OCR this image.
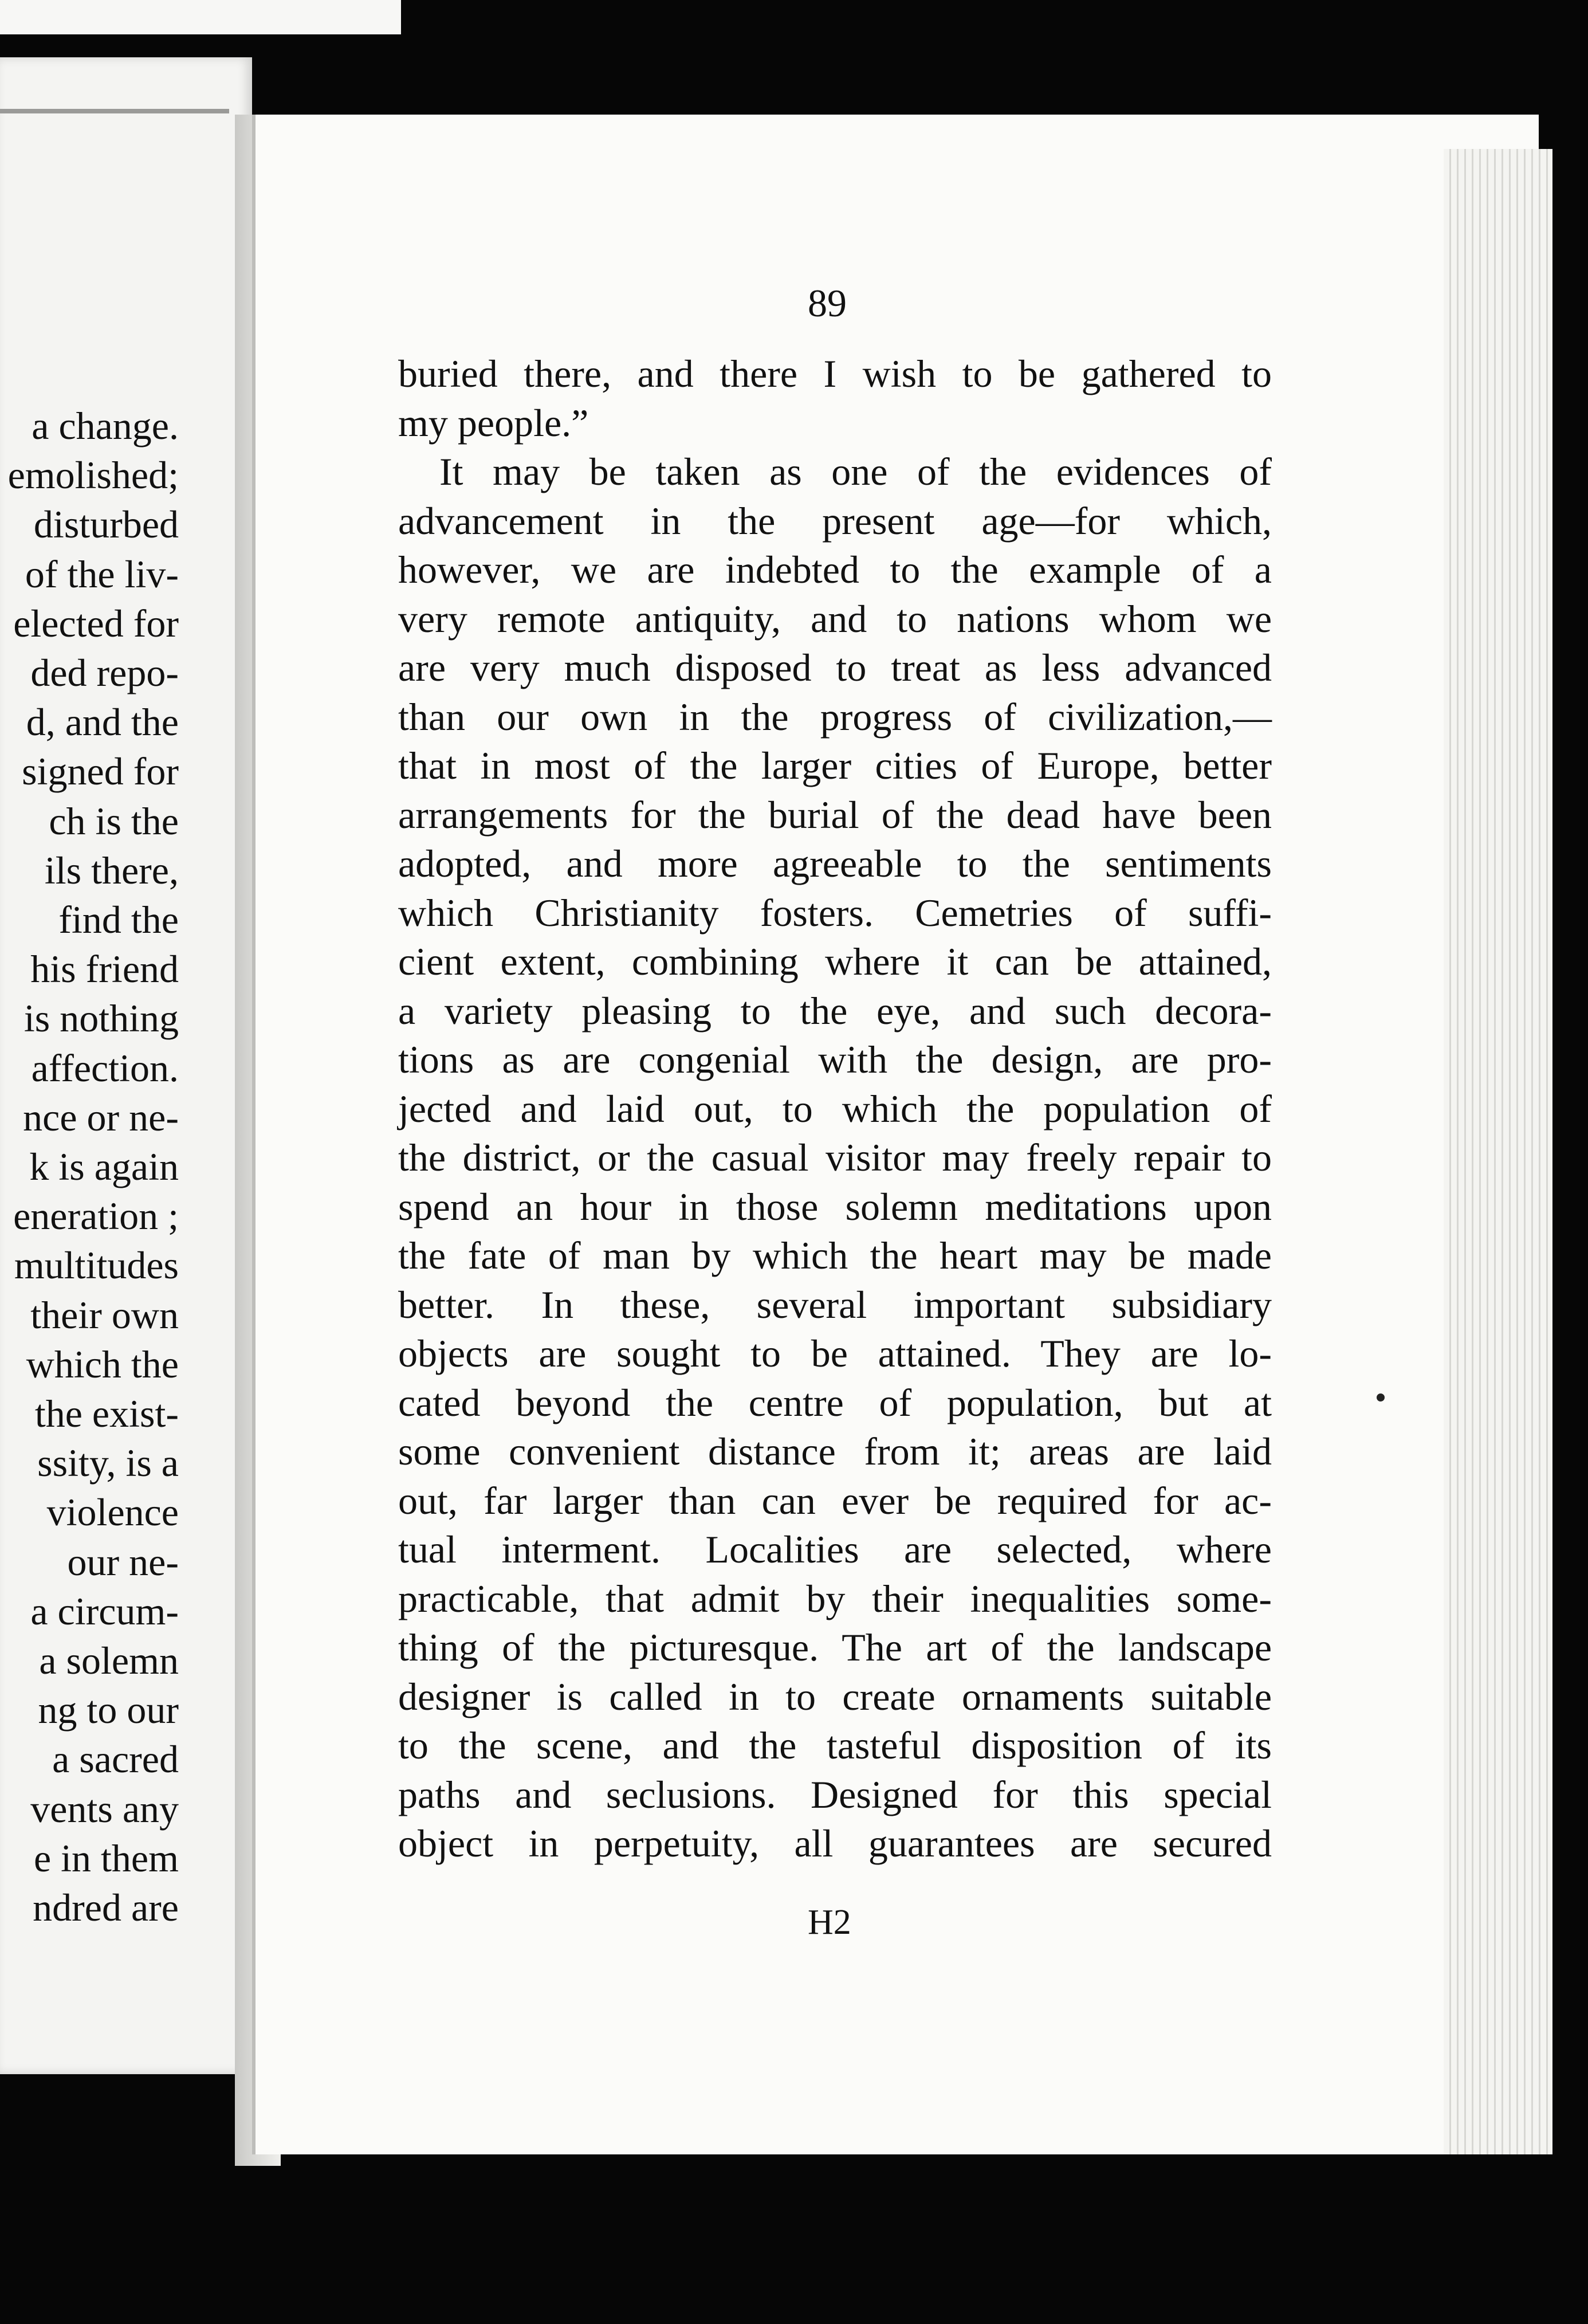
a change.
emolished;
disturbed
of the liv-
elected for
ded repo-
d, and the
signed for
ch is the
ils there,
find the
his friend
is nothing
affection.
nce or ne-
k is again
eneration ;
multitudes
their own
which the
the exist-
ssity, is a
violence
our ne-
a circum-
a solemn
ng to our
a sacred
vents any
e in them
ndred are
89
buried there, and there I wish to be gathered to
my people.”
It may be taken as one of the evidences of
advancement in the present age—for which,
however, we are indebted to the example of a
very remote antiquity, and to nations whom we
are very much disposed to treat as less advanced
than our own in the progress of civilization,—
that in most of the larger cities of Europe, better
arrangements for the burial of the dead have been
adopted, and more agreeable to the sentiments
which Christianity fosters. Cemetries of suffi-
cient extent, combining where it can be attained,
a variety pleasing to the eye, and such decora-
tions as are congenial with the design, are pro-
jected and laid out, to which the population of
the district, or the casual visitor may freely repair to
spend an hour in those solemn meditations upon
the fate of man by which the heart may be made
better. In these, several important subsidiary
objects are sought to be attained. They are lo-
cated beyond the centre of population, but at
some convenient distance from it; areas are laid
out, far larger than can ever be required for ac-
tual interment. Localities are selected, where
practicable, that admit by their inequalities some-
thing of the picturesque. The art of the landscape
designer is called in to create ornaments suitable
to the scene, and the tasteful disposition of its
paths and seclusions. Designed for this special
object in perpetuity, all guarantees are secured
H2
